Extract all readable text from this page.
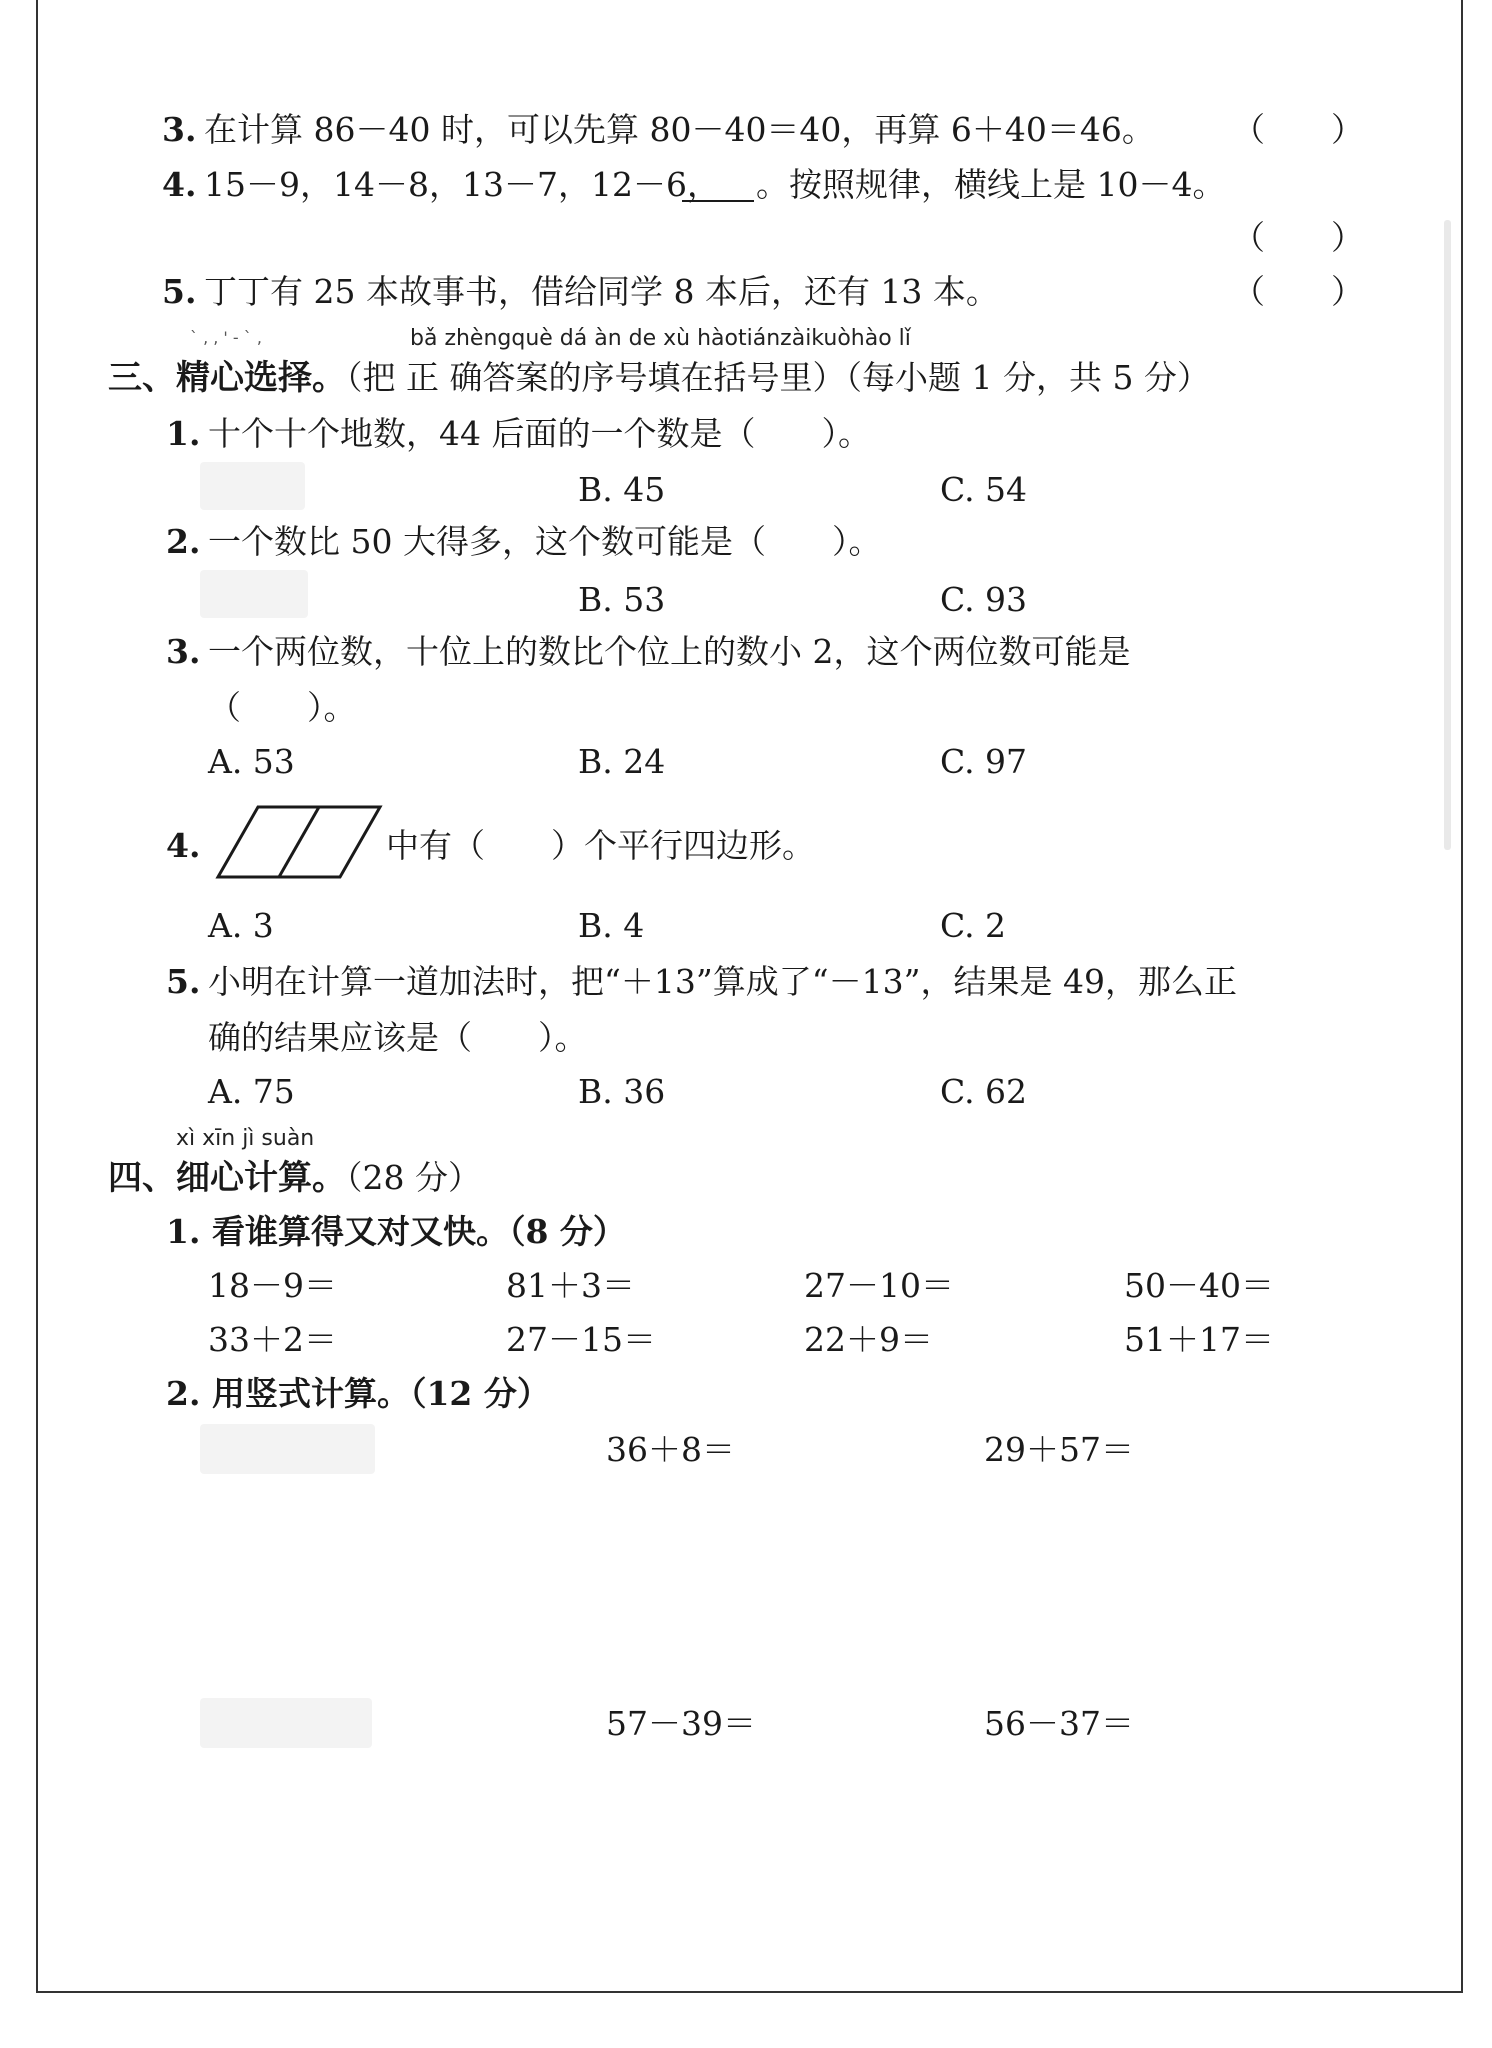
3. 在计算 86－40 时，可以先算 80－40＝40，再算 6＋40＝46。 （　　）
4. 15－9，14－8，13－7，12－6， 。按照规律，横线上是 10－4。
（　　）
5. 丁丁有 25 本故事书，借给同学 8 本后，还有 13 本。	（　　）
` , , ' - ` ,	bǎ zhèngquè dá àn de xù hàotiánzàikuòhào lǐ
三、精心选择。（把 正 确答案的序号填在括号里）（每小题 1 分，共 5 分）
1. 十个十个地数，44 后面的一个数是（　　）。
B. 45	C. 54
2. 一个数比 50 大得多，这个数可能是（　　）。
B. 53	C. 93
3. 一个两位数，十位上的数比个位上的数小 2，这个两位数可能是
（　　）。
A. 53	B. 24	C. 97
4.	中有（　　）个平行四边形。
A. 3	B. 4	C. 2
5. 小明在计算一道加法时，把“＋13”算成了“－13”，结果是 49，那么正
确的结果应该是（　　）。
A. 75	B. 36	C. 62
xì xīn jì suàn
四、细心计算。（28 分）
1. 看谁算得又对又快。（8 分）
18－9＝	81＋3＝	27－10＝	50－40＝
33＋2＝	27－15＝	22＋9＝	51＋17＝
2. 用竖式计算。（12 分）
36＋8＝	29＋57＝
57－39＝	56－37＝
